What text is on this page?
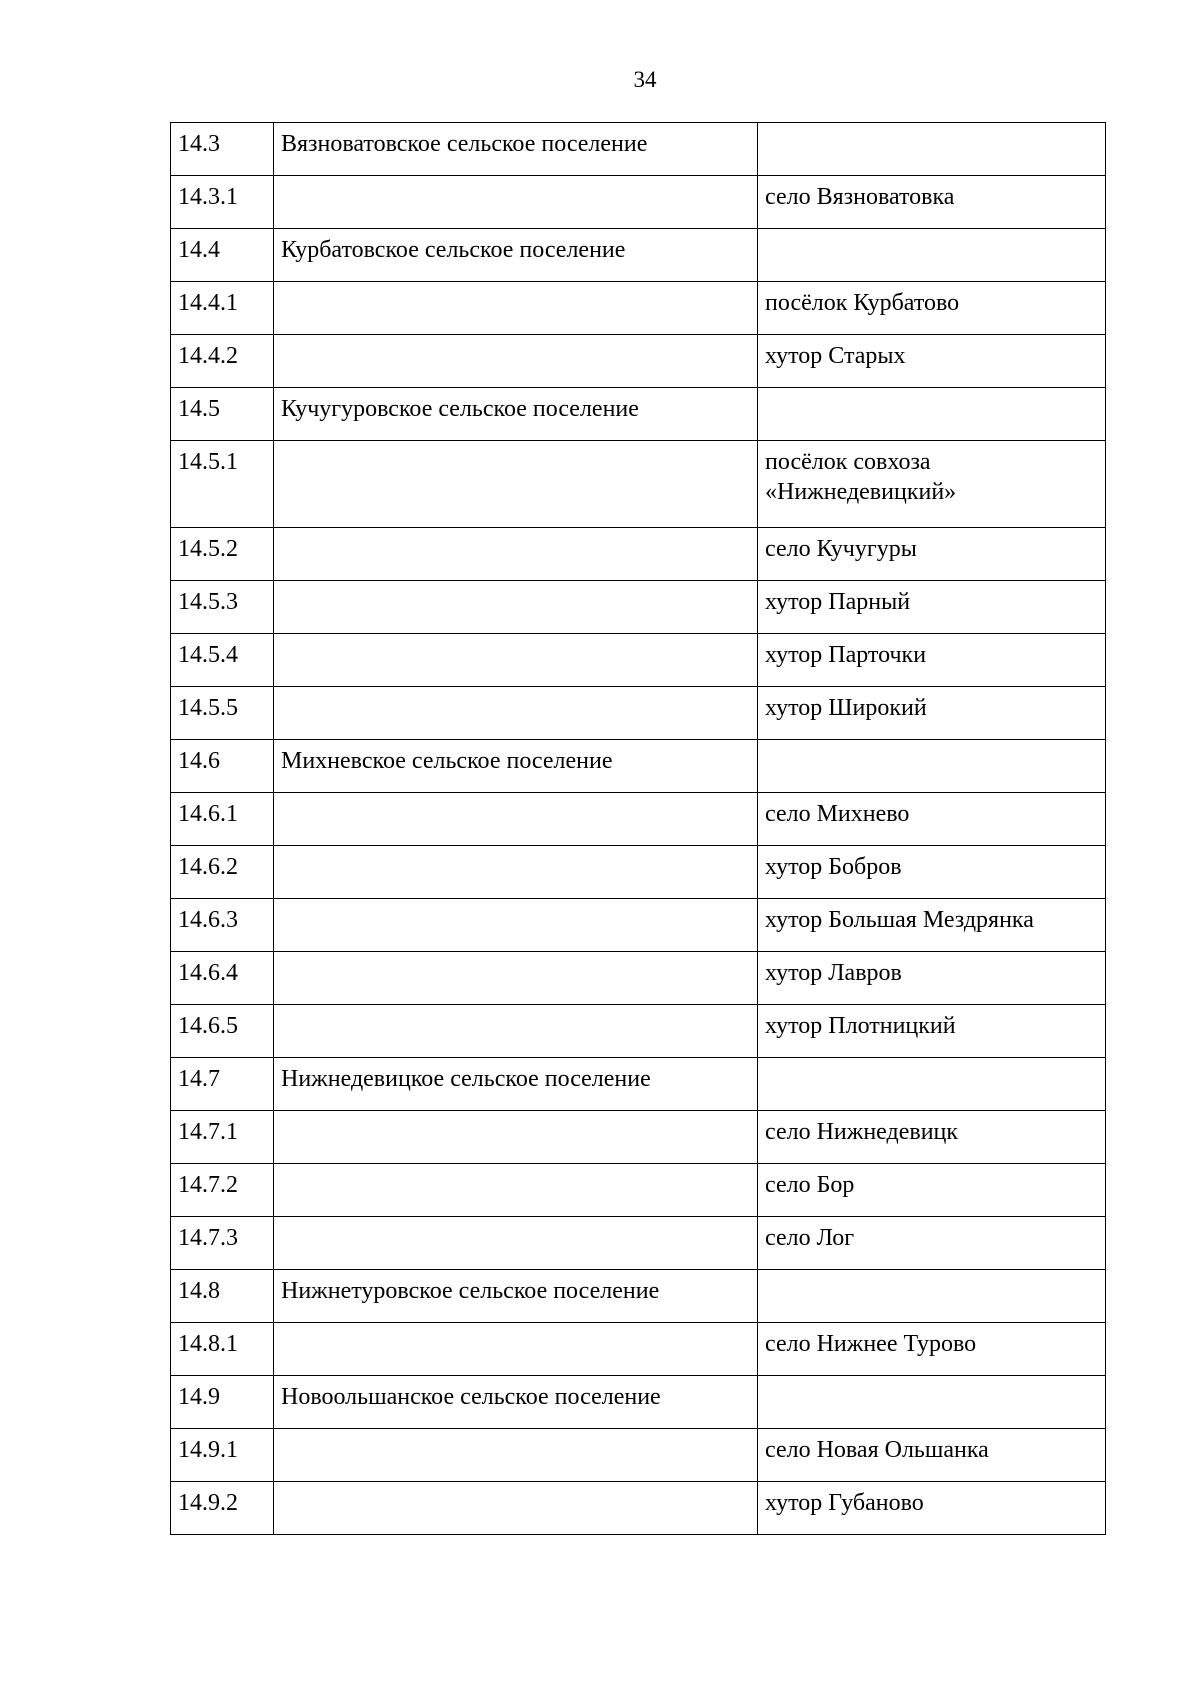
34
14.3	Вязноватовское сельское поселение	
14.3.1		село Вязноватовка
14.4	Курбатовское сельское поселение	
14.4.1		посёлок Курбатово
14.4.2		хутор Старых
14.5	Кучугуровское сельское поселение	
14.5.1		посёлок совхоза
«Нижнедевицкий»
14.5.2		село Кучугуры
14.5.3		хутор Парный
14.5.4		хутор Парточки
14.5.5		хутор Широкий
14.6	Михневское сельское поселение	
14.6.1		село Михнево
14.6.2		хутор Бобров
14.6.3		хутор Большая Мездрянка
14.6.4		хутор Лавров
14.6.5		хутор Плотницкий
14.7	Нижнедевицкое сельское поселение	
14.7.1		село Нижнедевицк
14.7.2		село Бор
14.7.3		село Лог
14.8	Нижнетуровское сельское поселение	
14.8.1		село Нижнее Турово
14.9	Новоольшанское сельское поселение	
14.9.1		село Новая Ольшанка
14.9.2		хутор Губаново
